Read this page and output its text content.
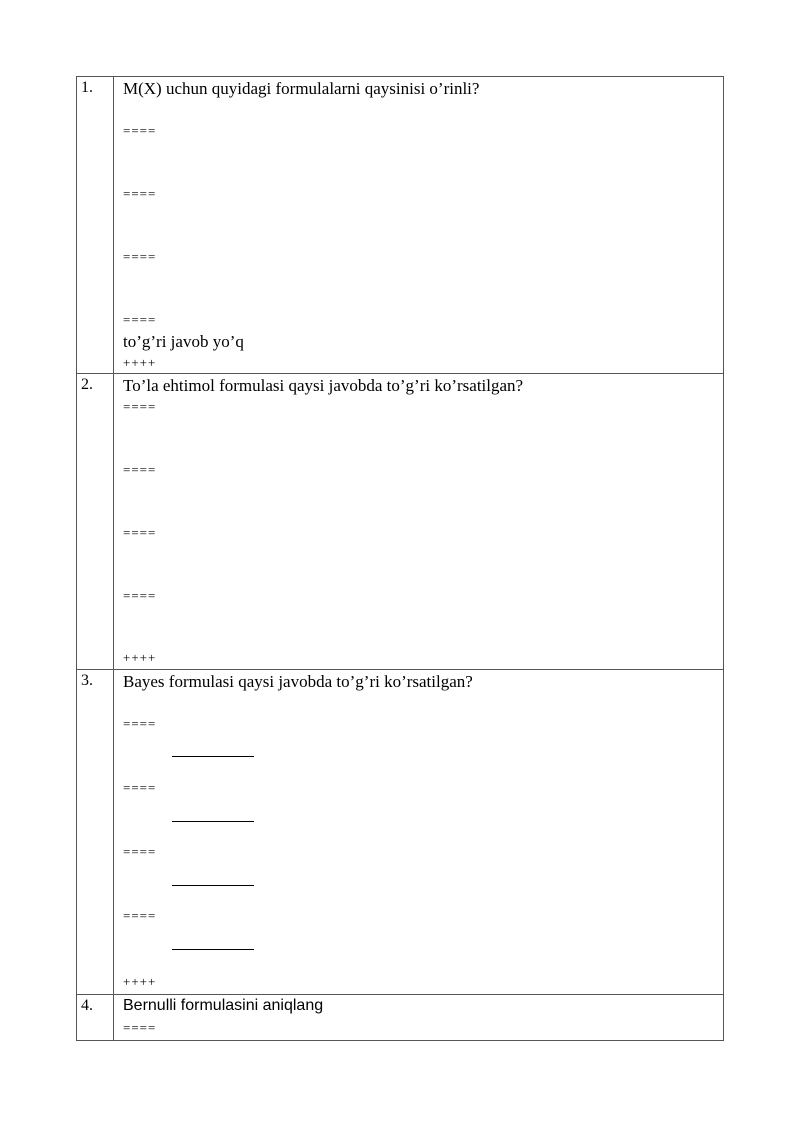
1.	M(X) uchun quyidagi formulalarni qaysinisi o’rinli?
====
====
====
====
to’g’ri javob yo’q
++++
2.	To’la ehtimol formulasi qaysi javobda to’g’ri ko’rsatilgan?
====
====
====
====
++++
3.	Bayes formulasi qaysi javobda to’g’ri ko’rsatilgan?
====
====
====
====
++++
4.	Bernulli formulasini aniqlang
====
